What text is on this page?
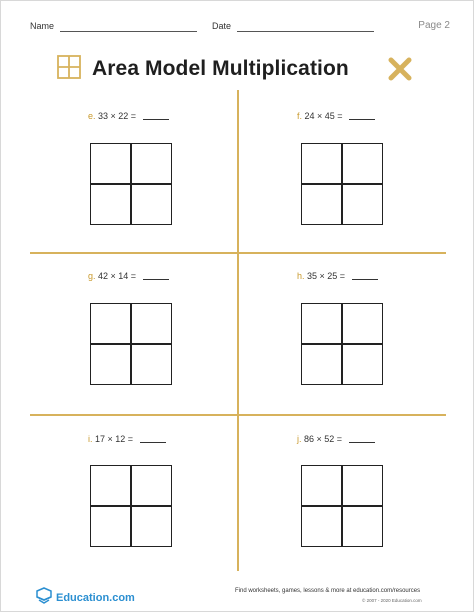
Name	Date	Page 2
Area Model Multiplication
e. 33 × 22 =	f. 24 × 45 =
g. 42 × 14 =	h. 35 × 25 =
i. 17 × 12 =	j. 86 × 52 =
Education.com
Find worksheets, games, lessons & more at education.com/resources
© 2007 - 2020 Education.com
